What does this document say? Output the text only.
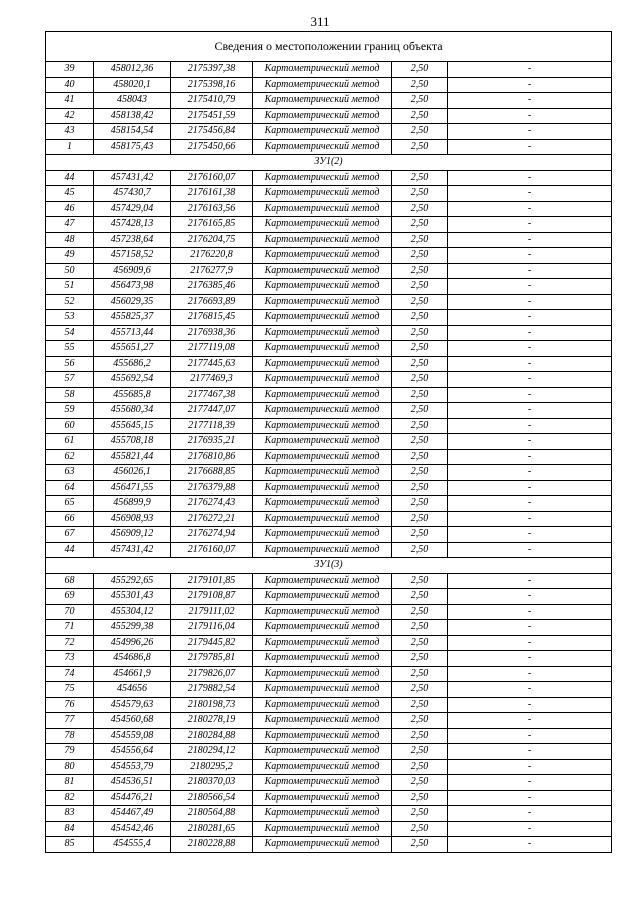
311
Сведения о местоположении границ объекта					
39	458012,36	2175397,38	Картометрический метод	2,50	-
40	458020,1	2175398,16	Картометрический метод	2,50	-
41	458043	2175410,79	Картометрический метод	2,50	-
42	458138,42	2175451,59	Картометрический метод	2,50	-
43	458154,54	2175456,84	Картометрический метод	2,50	-
1	458175,43	2175450,66	Картометрический метод	2,50	-
ЗУ1(2)					
44	457431,42	2176160,07	Картометрический метод	2,50	-
45	457430,7	2176161,38	Картометрический метод	2,50	-
46	457429,04	2176163,56	Картометрический метод	2,50	-
47	457428,13	2176165,85	Картометрический метод	2,50	-
48	457238,64	2176204,75	Картометрический метод	2,50	-
49	457158,52	2176220,8	Картометрический метод	2,50	-
50	456909,6	2176277,9	Картометрический метод	2,50	-
51	456473,98	2176385,46	Картометрический метод	2,50	-
52	456029,35	2176693,89	Картометрический метод	2,50	-
53	455825,37	2176815,45	Картометрический метод	2,50	-
54	455713,44	2176938,36	Картометрический метод	2,50	-
55	455651,27	2177119,08	Картометрический метод	2,50	-
56	455686,2	2177445,63	Картометрический метод	2,50	-
57	455692,54	2177469,3	Картометрический метод	2,50	-
58	455685,8	2177467,38	Картометрический метод	2,50	-
59	455680,34	2177447,07	Картометрический метод	2,50	-
60	455645,15	2177118,39	Картометрический метод	2,50	-
61	455708,18	2176935,21	Картометрический метод	2,50	-
62	455821,44	2176810,86	Картометрический метод	2,50	-
63	456026,1	2176688,85	Картометрический метод	2,50	-
64	456471,55	2176379,88	Картометрический метод	2,50	-
65	456899,9	2176274,43	Картометрический метод	2,50	-
66	456908,93	2176272,21	Картометрический метод	2,50	-
67	456909,12	2176274,94	Картометрический метод	2,50	-
44	457431,42	2176160,07	Картометрический метод	2,50	-
ЗУ1(3)					
68	455292,65	2179101,85	Картометрический метод	2,50	-
69	455301,43	2179108,87	Картометрический метод	2,50	-
70	455304,12	2179111,02	Картометрический метод	2,50	-
71	455299,38	2179116,04	Картометрический метод	2,50	-
72	454996,26	2179445,82	Картометрический метод	2,50	-
73	454686,8	2179785,81	Картометрический метод	2,50	-
74	454661,9	2179826,07	Картометрический метод	2,50	-
75	454656	2179882,54	Картометрический метод	2,50	-
76	454579,63	2180198,73	Картометрический метод	2,50	-
77	454560,68	2180278,19	Картометрический метод	2,50	-
78	454559,08	2180284,88	Картометрический метод	2,50	-
79	454556,64	2180294,12	Картометрический метод	2,50	-
80	454553,79	2180295,2	Картометрический метод	2,50	-
81	454536,51	2180370,03	Картометрический метод	2,50	-
82	454476,21	2180566,54	Картометрический метод	2,50	-
83	454467,49	2180564,88	Картометрический метод	2,50	-
84	454542,46	2180281,65	Картометрический метод	2,50	-
85	454555,4	2180228,88	Картометрический метод	2,50	-
